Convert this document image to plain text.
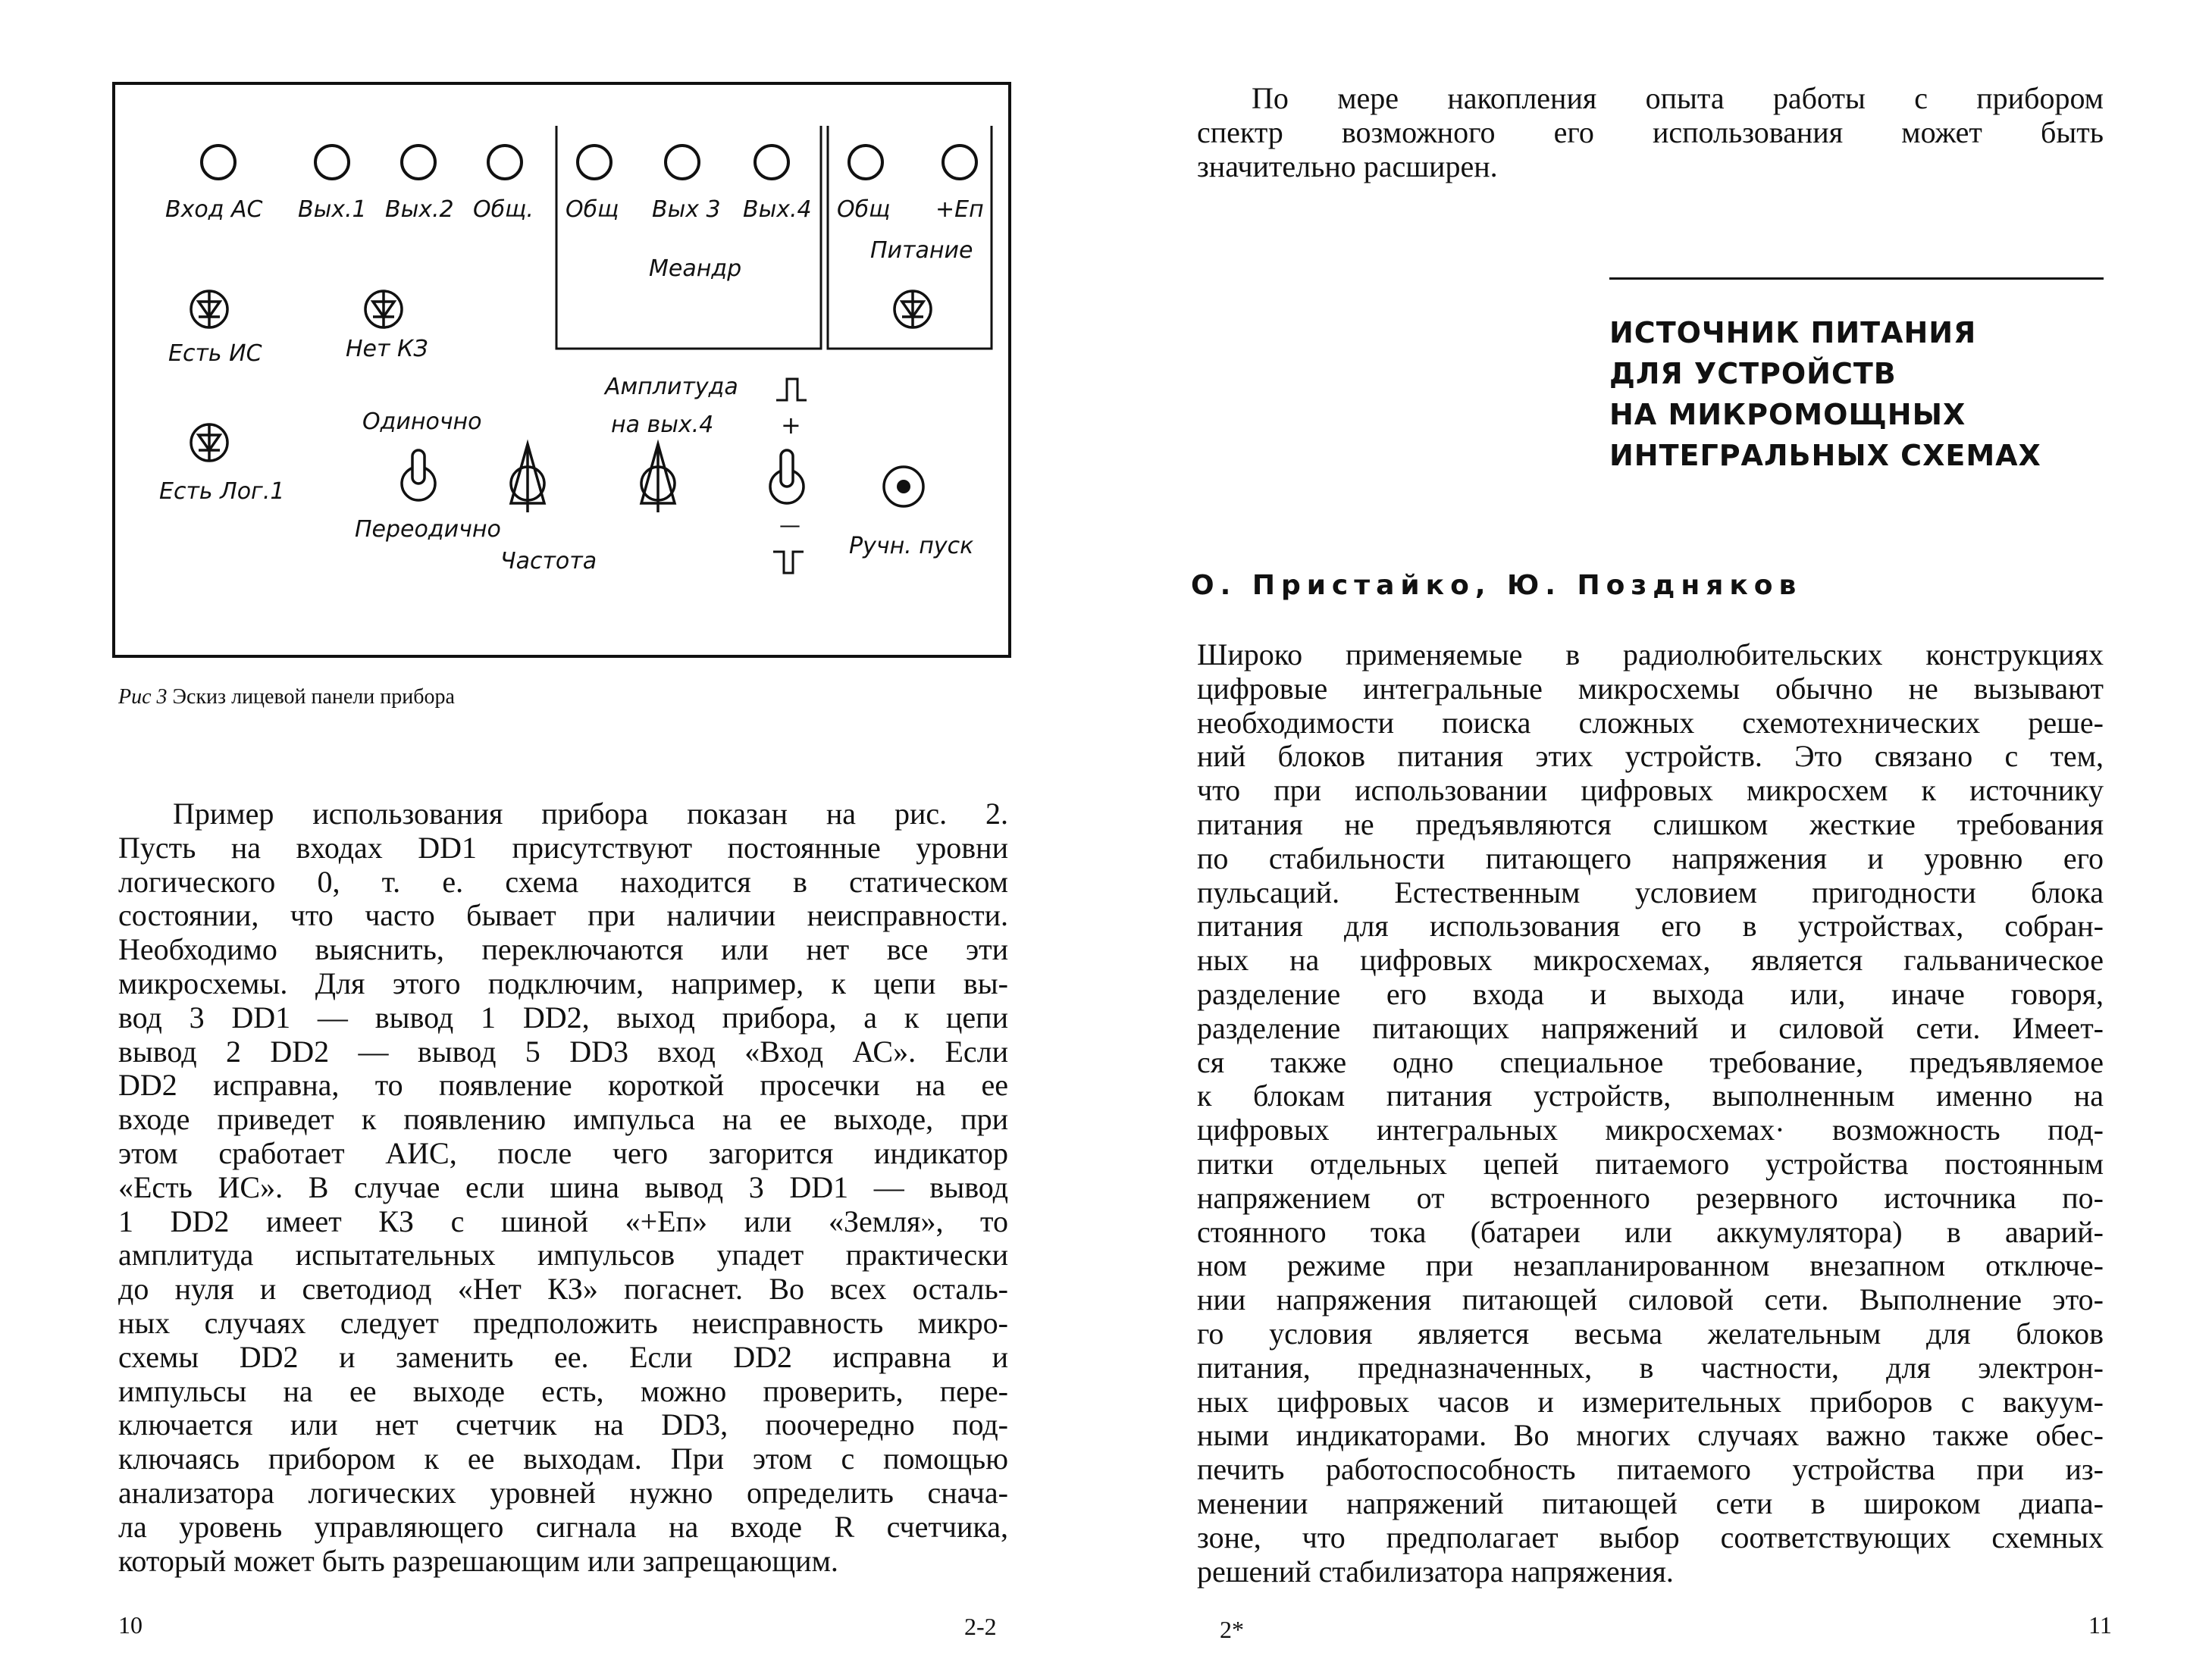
Вход АС Вых.1 Вых.2 Общ. Общ Вых 3 Вых.4 Общ +Eп
Меандр
Питание
Есть ИС	Нет КЗ
Есть Лог.1
Одиночно
Переодично
Частота
Амплитуда
на вых.4	+
—
Ручн. пуск
Рис 3 Эскиз лицевой панели прибора
Пример использования прибора показан на рис. 2.
Пусть на входах DD1 присутствуют постоянные уровни
логического 0, т. е. схема находится в статическом
состоянии, что часто бывает при наличии неисправности.
Необходимо выяснить, переключаются или нет все эти
микросхемы. Для этого подключим, например, к цепи вы-
вод 3 DD1 — вывод 1 DD2, выход прибора, а к цепи
вывод 2 DD2 — вывод 5 DD3 вход «Вход АС». Если
DD2 исправна, то появление короткой просечки на ее
входе приведет к появлению импульса на ее выходе, при
этом сработает АИС, после чего загорится индикатор
«Есть ИС». В случае если шина вывод 3 DD1 — вывод
1 DD2 имеет КЗ с шиной «+Eп» или «Земля», то
амплитуда испытательных импульсов упадет практически
до нуля и светодиод «Нет КЗ» погаснет. Во всех осталь-
ных случаях следует предположить неисправность микро-
схемы DD2 и заменить ее. Если DD2 исправна и
импульсы на ее выходе есть, можно проверить, пере-
ключается или нет счетчик на DD3, поочередно под-
ключаясь прибором к ее выходам. При этом с помощью
анализатора логических уровней нужно определить снача-
ла уровень управляющего сигнала на входе R счетчика,
который может быть разрешающим или запрещающим.
10	2-2
По мере накопления опыта работы с прибором
спектр возможного его использования может быть
значительно расширен.
ИСТОЧНИК ПИТАНИЯ
ДЛЯ УСТРОЙСТВ
НА МИКРОМОЩНЫХ
ИНТЕГРАЛЬНЫХ СХЕМАХ
О. Пристайко, Ю. Поздняков
Широко применяемые в радиолюбительских конструкциях
цифровые интегральные микросхемы обычно не вызывают
необходимости поиска сложных схемотехнических реше-
ний блоков питания этих устройств. Это связано с тем,
что при использовании цифровых микросхем к источнику
питания не предъявляются слишком жесткие требования
по стабильности питающего напряжения и уровню его
пульсаций. Естественным условием пригодности блока
питания для использования его в устройствах, собран-
ных на цифровых микросхемах, является гальваническое
разделение его входа и выхода или, иначе говоря,
разделение питающих напряжений и силовой сети. Имеет-
ся также одно специальное требование, предъявляемое
к блокам питания устройств, выполненным именно на
цифровых интегральных микросхемах· возможность под-
питки отдельных цепей питаемого устройства постоянным
напряжением от встроенного резервного источника по-
стоянного тока (батареи или аккумулятора) в аварий-
ном режиме при незапланированном внезапном отключе-
нии напряжения питающей силовой сети. Выполнение это-
го условия является весьма желательным для блоков
питания, предназначенных, в частности, для электрон-
ных цифровых часов и измерительных приборов с вакуум-
ными индикаторами. Во многих случаях важно также обес-
печить работоспособность питаемого устройства при из-
менении напряжений питающей сети в широком диапа-
зоне, что предполагает выбор соответствующих схемных
решений стабилизатора напряжения.
2*	11
